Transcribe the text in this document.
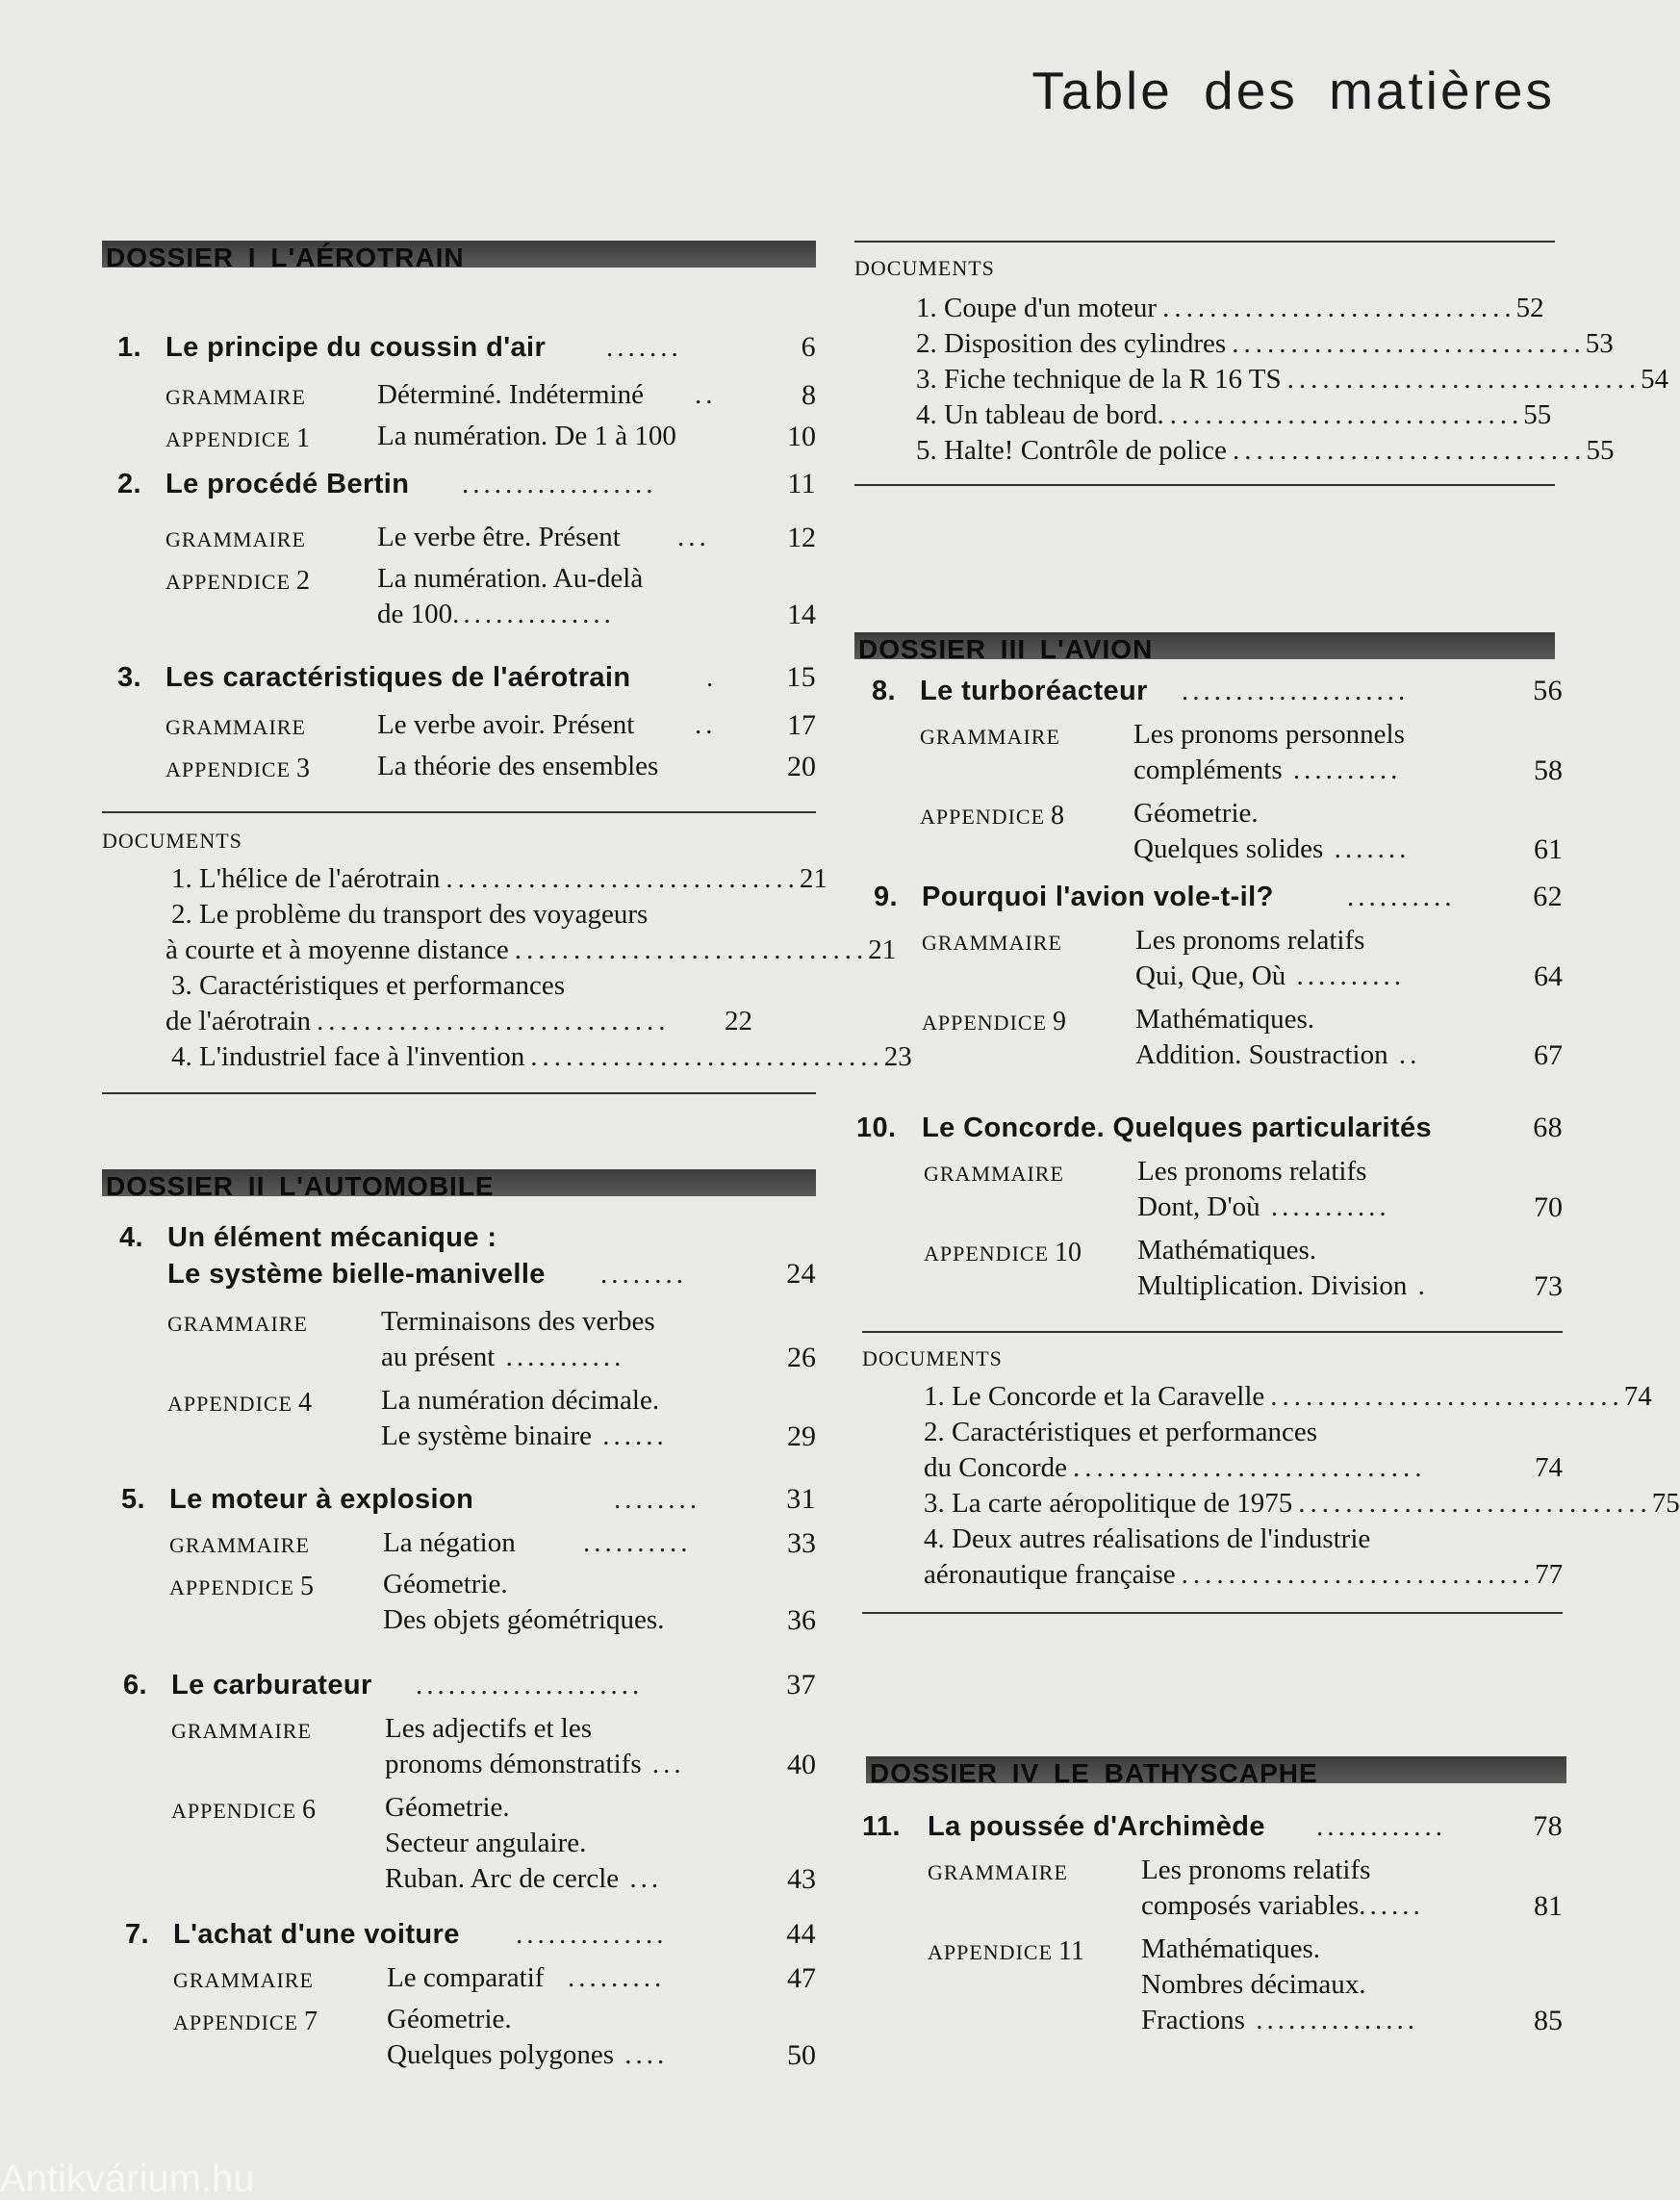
Table des matières
DOSSIER I L'AÉROTRAIN
1. Le principe du coussin d'air .......	6
GRAMMAIRE	Déterminé. Indéterminé ..	8
APPENDICE 1 La numération. De 1 à 100	10
2. Le procédé Bertin ..................	11
GRAMMAIRE	Le verbe être. Présent ...	12
APPENDICE 2 La numération. Au-delà
de 100...............	14
3. Les caractéristiques de l'aérotrain	. 15
GRAMMAIRE	Le verbe avoir. Présent .. 17
APPENDICE 3 La théorie des ensembles	20
DOCUMENTS
1. L'hélice de l'aérotrain .............................. 21
2. Le problème du transport des voyageurs
à courte et à moyenne distance .............................. 21
3. Caractéristiques et performances
de l'aérotrain ..............................	22
4. L'industriel face à l'invention .............................. 23
DOSSIER II L'AUTOMOBILE
4. Un élément mécanique :
Le système bielle-manivelle ........	24
GRAMMAIRE	Terminaisons des verbes
au présent ...........	26
APPENDICE 4 La numération décimale.
Le système binaire ......	29
5. Le moteur à explosion	........	31
GRAMMAIRE	La négation ..........	33
APPENDICE 5 Géometrie.
Des objets géométriques.	36
6. Le carburateur .....................	37
GRAMMAIRE	Les adjectifs et les
pronoms démonstratifs ...	40
APPENDICE 6 Géometrie.
Secteur angulaire.
Ruban. Arc de cercle ...	43
7. L'achat d'une voiture ..............	44
GRAMMAIRE	Le comparatif .........	47
APPENDICE 7 Géometrie.
Quelques polygones ....	50
DOCUMENTS
1. Coupe d'un moteur .............................. 52
2. Disposition des cylindres .............................. 53
3. Fiche technique de la R 16 TS .............................. 54
4. Un tableau de bord. .............................. 55
5. Halte! Contrôle de police .............................. 55
DOSSIER III L'AVION
8. Le turboréacteur .....................	56
GRAMMAIRE	Les pronoms personnels
compléments ..........	58
APPENDICE 8 Géometrie.
Quelques solides .......	61
9. Pourquoi l'avion vole-t-il?	..........	62
GRAMMAIRE	Les pronoms relatifs
Qui, Que, Où ..........	64
APPENDICE 9 Mathématiques.
Addition. Soustraction ..	67
10. Le Concorde. Quelques particularités	68
GRAMMAIRE	Les pronoms relatifs
Dont, D'où ...........	70
APPENDICE 10 Mathématiques.
Multiplication. Division .	73
DOCUMENTS
1. Le Concorde et la Caravelle .............................. 74
2. Caractéristiques et performances
du Concorde ..............................	74
3. La carte aéropolitique de 1975 .............................. 75
4. Deux autres réalisations de l'industrie
aéronautique française .............................. 77
DOSSIER IV LE BATHYSCAPHE
11. La poussée d'Archimède ............	78
GRAMMAIRE	Les pronoms relatifs
composés variables......	81
APPENDICE 11 Mathématiques.
Nombres décimaux.
Fractions ...............	85
Antikvárium.hu
